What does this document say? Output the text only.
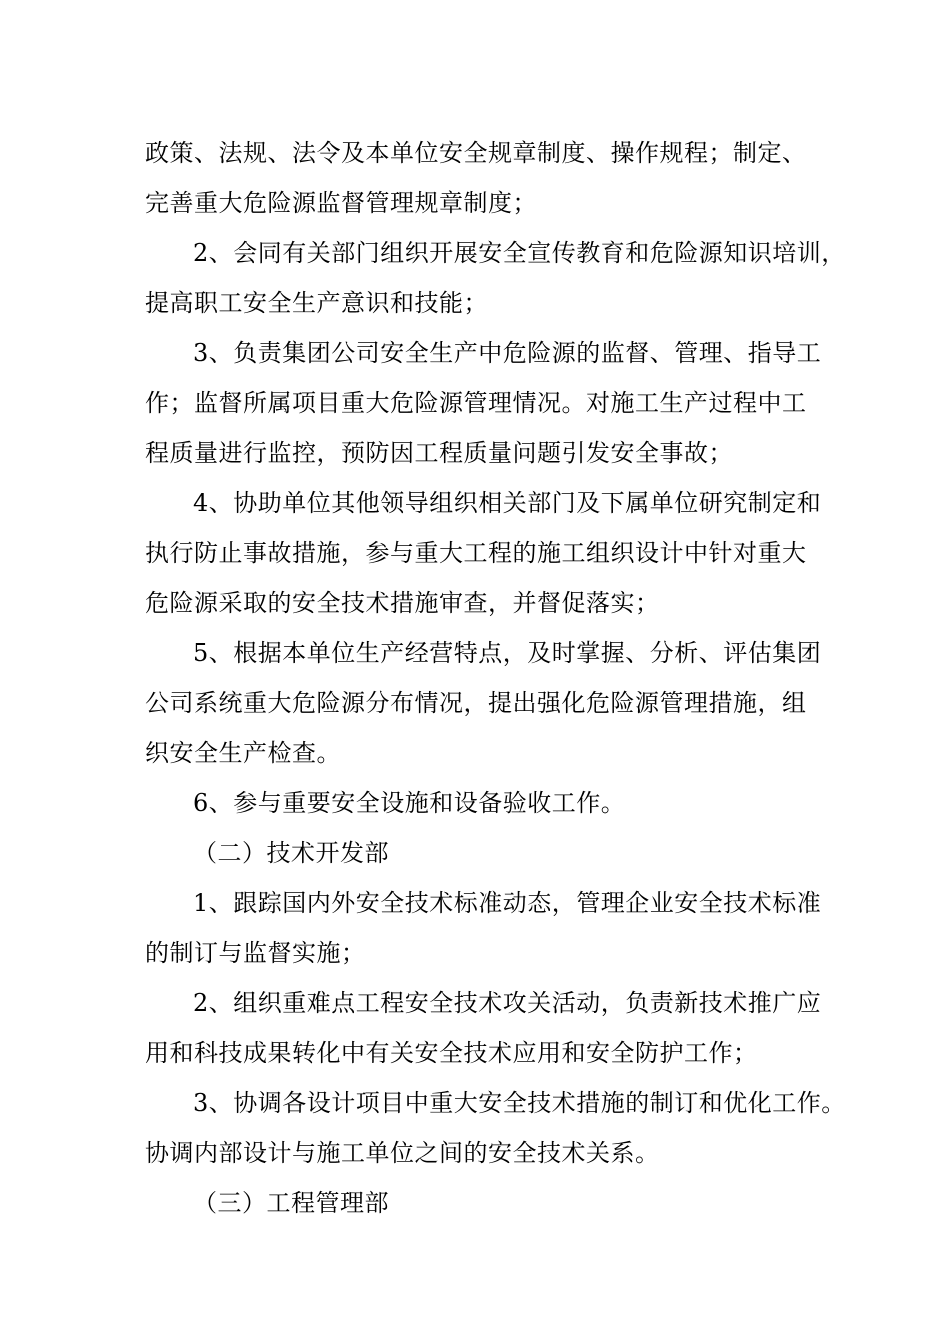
政策、法规、法令及本单位安全规章制度、操作规程；制定、
完善重大危险源监督管理规章制度；
2、会同有关部门组织开展安全宣传教育和危险源知识培训，
提高职工安全生产意识和技能；
3、负责集团公司安全生产中危险源的监督、管理、指导工
作；监督所属项目重大危险源管理情况。对施工生产过程中工
程质量进行监控，预防因工程质量问题引发安全事故；
4、协助单位其他领导组织相关部门及下属单位研究制定和
执行防止事故措施，参与重大工程的施工组织设计中针对重大
危险源采取的安全技术措施审查，并督促落实；
5、根据本单位生产经营特点，及时掌握、分析、评估集团
公司系统重大危险源分布情况，提出强化危险源管理措施，组
织安全生产检查。
6、参与重要安全设施和设备验收工作。
（二）技术开发部
1、跟踪国内外安全技术标准动态，管理企业安全技术标准
的制订与监督实施；
2、组织重难点工程安全技术攻关活动，负责新技术推广应
用和科技成果转化中有关安全技术应用和安全防护工作；
3、协调各设计项目中重大安全技术措施的制订和优化工作。
协调内部设计与施工单位之间的安全技术关系。
（三）工程管理部
